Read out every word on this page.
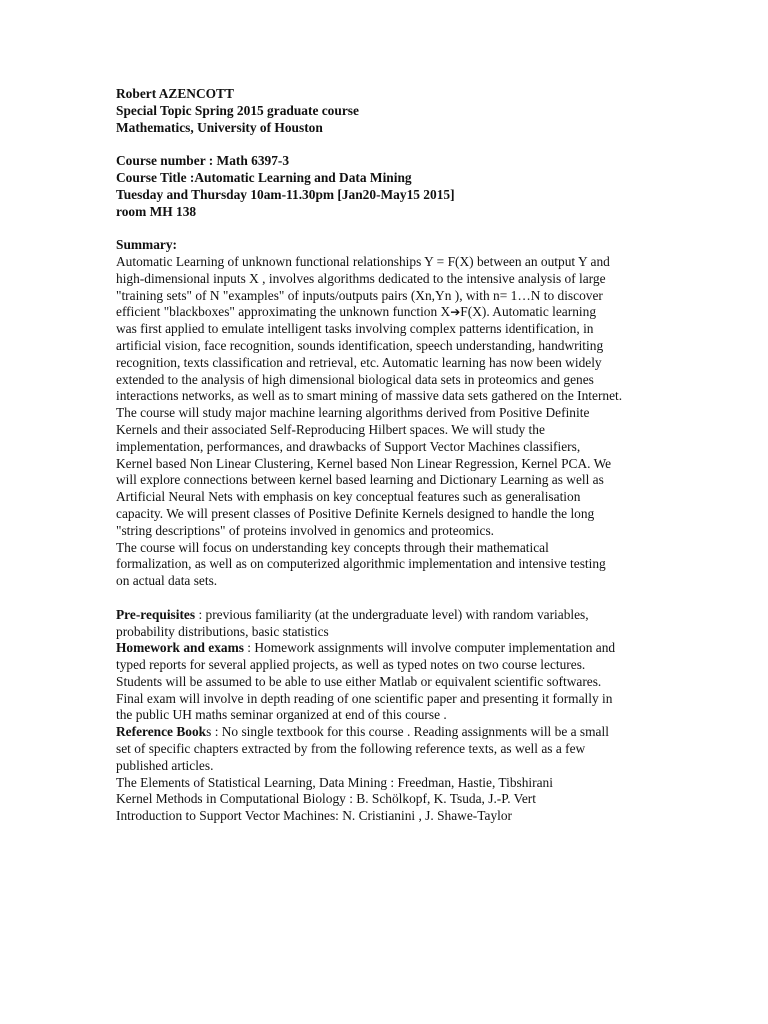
Robert AZENCOTT
Special Topic Spring 2015 graduate course
Mathematics, University of Houston
Course number : Math 6397-3
Course Title :Automatic Learning and Data Mining
Tuesday and Thursday 10am-11.30pm [Jan20-May15 2015]
room MH 138
Summary:
Automatic Learning of unknown functional relationships Y = F(X) between an output Y and
high-dimensional inputs X , involves algorithms dedicated to the intensive analysis of large
"training sets" of N "examples" of inputs/outputs pairs (Xn,Yn ), with n= 1…N to discover
efficient "blackboxes" approximating the unknown function X➔F(X). Automatic learning
was first applied to emulate intelligent tasks involving complex patterns identification, in
artificial vision, face recognition, sounds identification, speech understanding, handwriting
recognition, texts classification and retrieval, etc. Automatic learning has now been widely
extended to the analysis of high dimensional biological data sets in proteomics and genes
interactions networks, as well as to smart mining of massive data sets gathered on the Internet.
The course will study major machine learning algorithms derived from Positive Definite
Kernels and their associated Self-Reproducing Hilbert spaces. We will study the
implementation, performances, and drawbacks of Support Vector Machines classifiers,
Kernel based Non Linear Clustering, Kernel based Non Linear Regression, Kernel PCA. We
will explore connections between kernel based learning and Dictionary Learning as well as
Artificial Neural Nets with emphasis on key conceptual features such as generalisation
capacity. We will present classes of Positive Definite Kernels designed to handle the long
"string descriptions" of proteins involved in genomics and proteomics.
The course will focus on understanding key concepts through their mathematical
formalization, as well as on computerized algorithmic implementation and intensive testing
on actual data sets.
Pre-requisites : previous familiarity (at the undergraduate level) with random variables,
probability distributions, basic statistics
Homework and exams : Homework assignments will involve computer implementation and
typed reports for several applied projects, as well as typed notes on two course lectures.
Students will be assumed to be able to use either Matlab or equivalent scientific softwares.
Final exam will involve in depth reading of one scientific paper and presenting it formally in
the public UH maths seminar organized at end of this course .
Reference Books : No single textbook for this course . Reading assignments will be a small
set of specific chapters extracted by from the following reference texts, as well as a few
published articles.
The Elements of Statistical Learning, Data Mining : Freedman, Hastie, Tibshirani
Kernel Methods in Computational Biology : B. Schölkopf, K. Tsuda, J.-P. Vert
Introduction to Support Vector Machines: N. Cristianini , J. Shawe-Taylor
